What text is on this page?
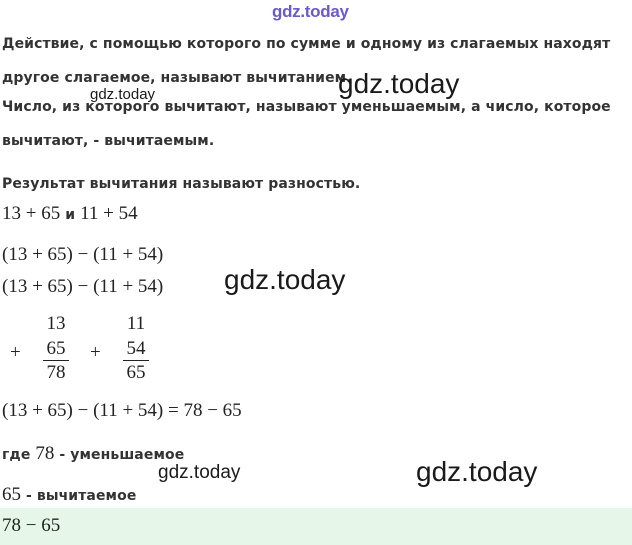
gdz.today
Действие, с помощью которого по сумме и одному из слагаемых находят
другое слагаемое, называют вычитанием.
Число, из которого вычитают, называют уменьшаемым, а число, которое
вычитают, - вычитаемым.
Результат вычитания называют разностью.
13 + 65 и 11 + 54
(13 + 65) − (11 + 54)
(13 + 65) − (11 + 54)
+
13
65
78
+
11
54
65
(13 + 65) − (11 + 54) = 78 − 65
где 78 - уменьшаемое
65 - вычитаемое
78 − 65
gdz.today
gdz.today
gdz.today
gdz.today	gdz.today
